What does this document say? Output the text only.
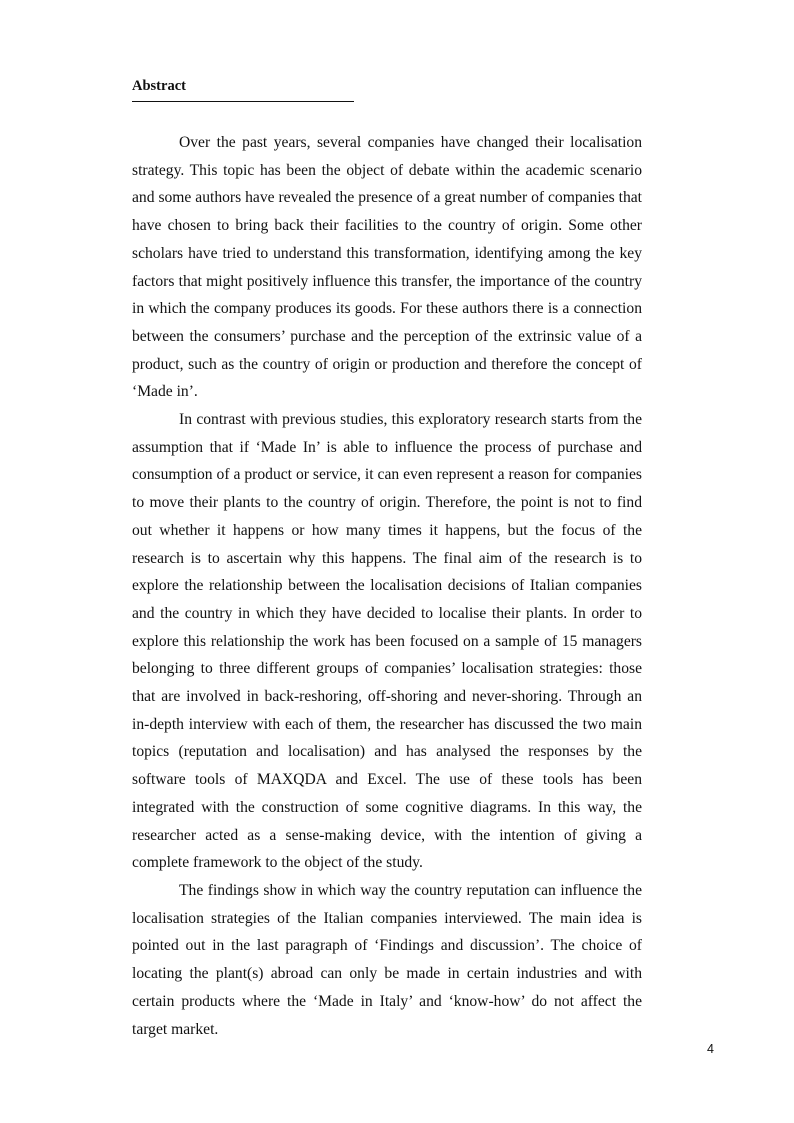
Abstract

Over the past years, several companies have changed their localisation strategy. This topic has been the object of debate within the academic scenario and some authors have revealed the presence of a great number of companies that have chosen to bring back their facilities to the country of origin. Some other scholars have tried to understand this transformation, identifying among the key factors that might positively influence this transfer, the importance of the country in which the company produces its goods. For these authors there is a connection between the consumers’ purchase and the perception of the extrinsic value of a product, such as the country of origin or production and therefore the concept of ‘Made in’.

In contrast with previous studies, this exploratory research starts from the assumption that if ‘Made In’ is able to influence the process of purchase and consumption of a product or service, it can even represent a reason for companies to move their plants to the country of origin. Therefore, the point is not to find out whether it happens or how many times it happens, but the focus of the research is to ascertain why this happens. The final aim of the research is to explore the relationship between the localisation decisions of Italian companies and the country in which they have decided to localise their plants. In order to explore this relationship the work has been focused on a sample of 15 managers belonging to three different groups of companies’ localisation strategies: those that are involved in back-reshoring, off-shoring and never-shoring. Through an in-depth interview with each of them, the researcher has discussed the two main topics (reputation and localisation) and has analysed the responses by the software tools of MAXQDA and Excel. The use of these tools has been integrated with the construction of some cognitive diagrams. In this way, the researcher acted as a sense-making device, with the intention of giving a complete framework to the object of the study.

The findings show in which way the country reputation can influence the localisation strategies of the Italian companies interviewed. The main idea is pointed out in the last paragraph of ‘Findings and discussion’. The choice of locating the plant(s) abroad can only be made in certain industries and with certain products where the ‘Made in Italy’ and ‘know-how’ do not affect the target market.

4
